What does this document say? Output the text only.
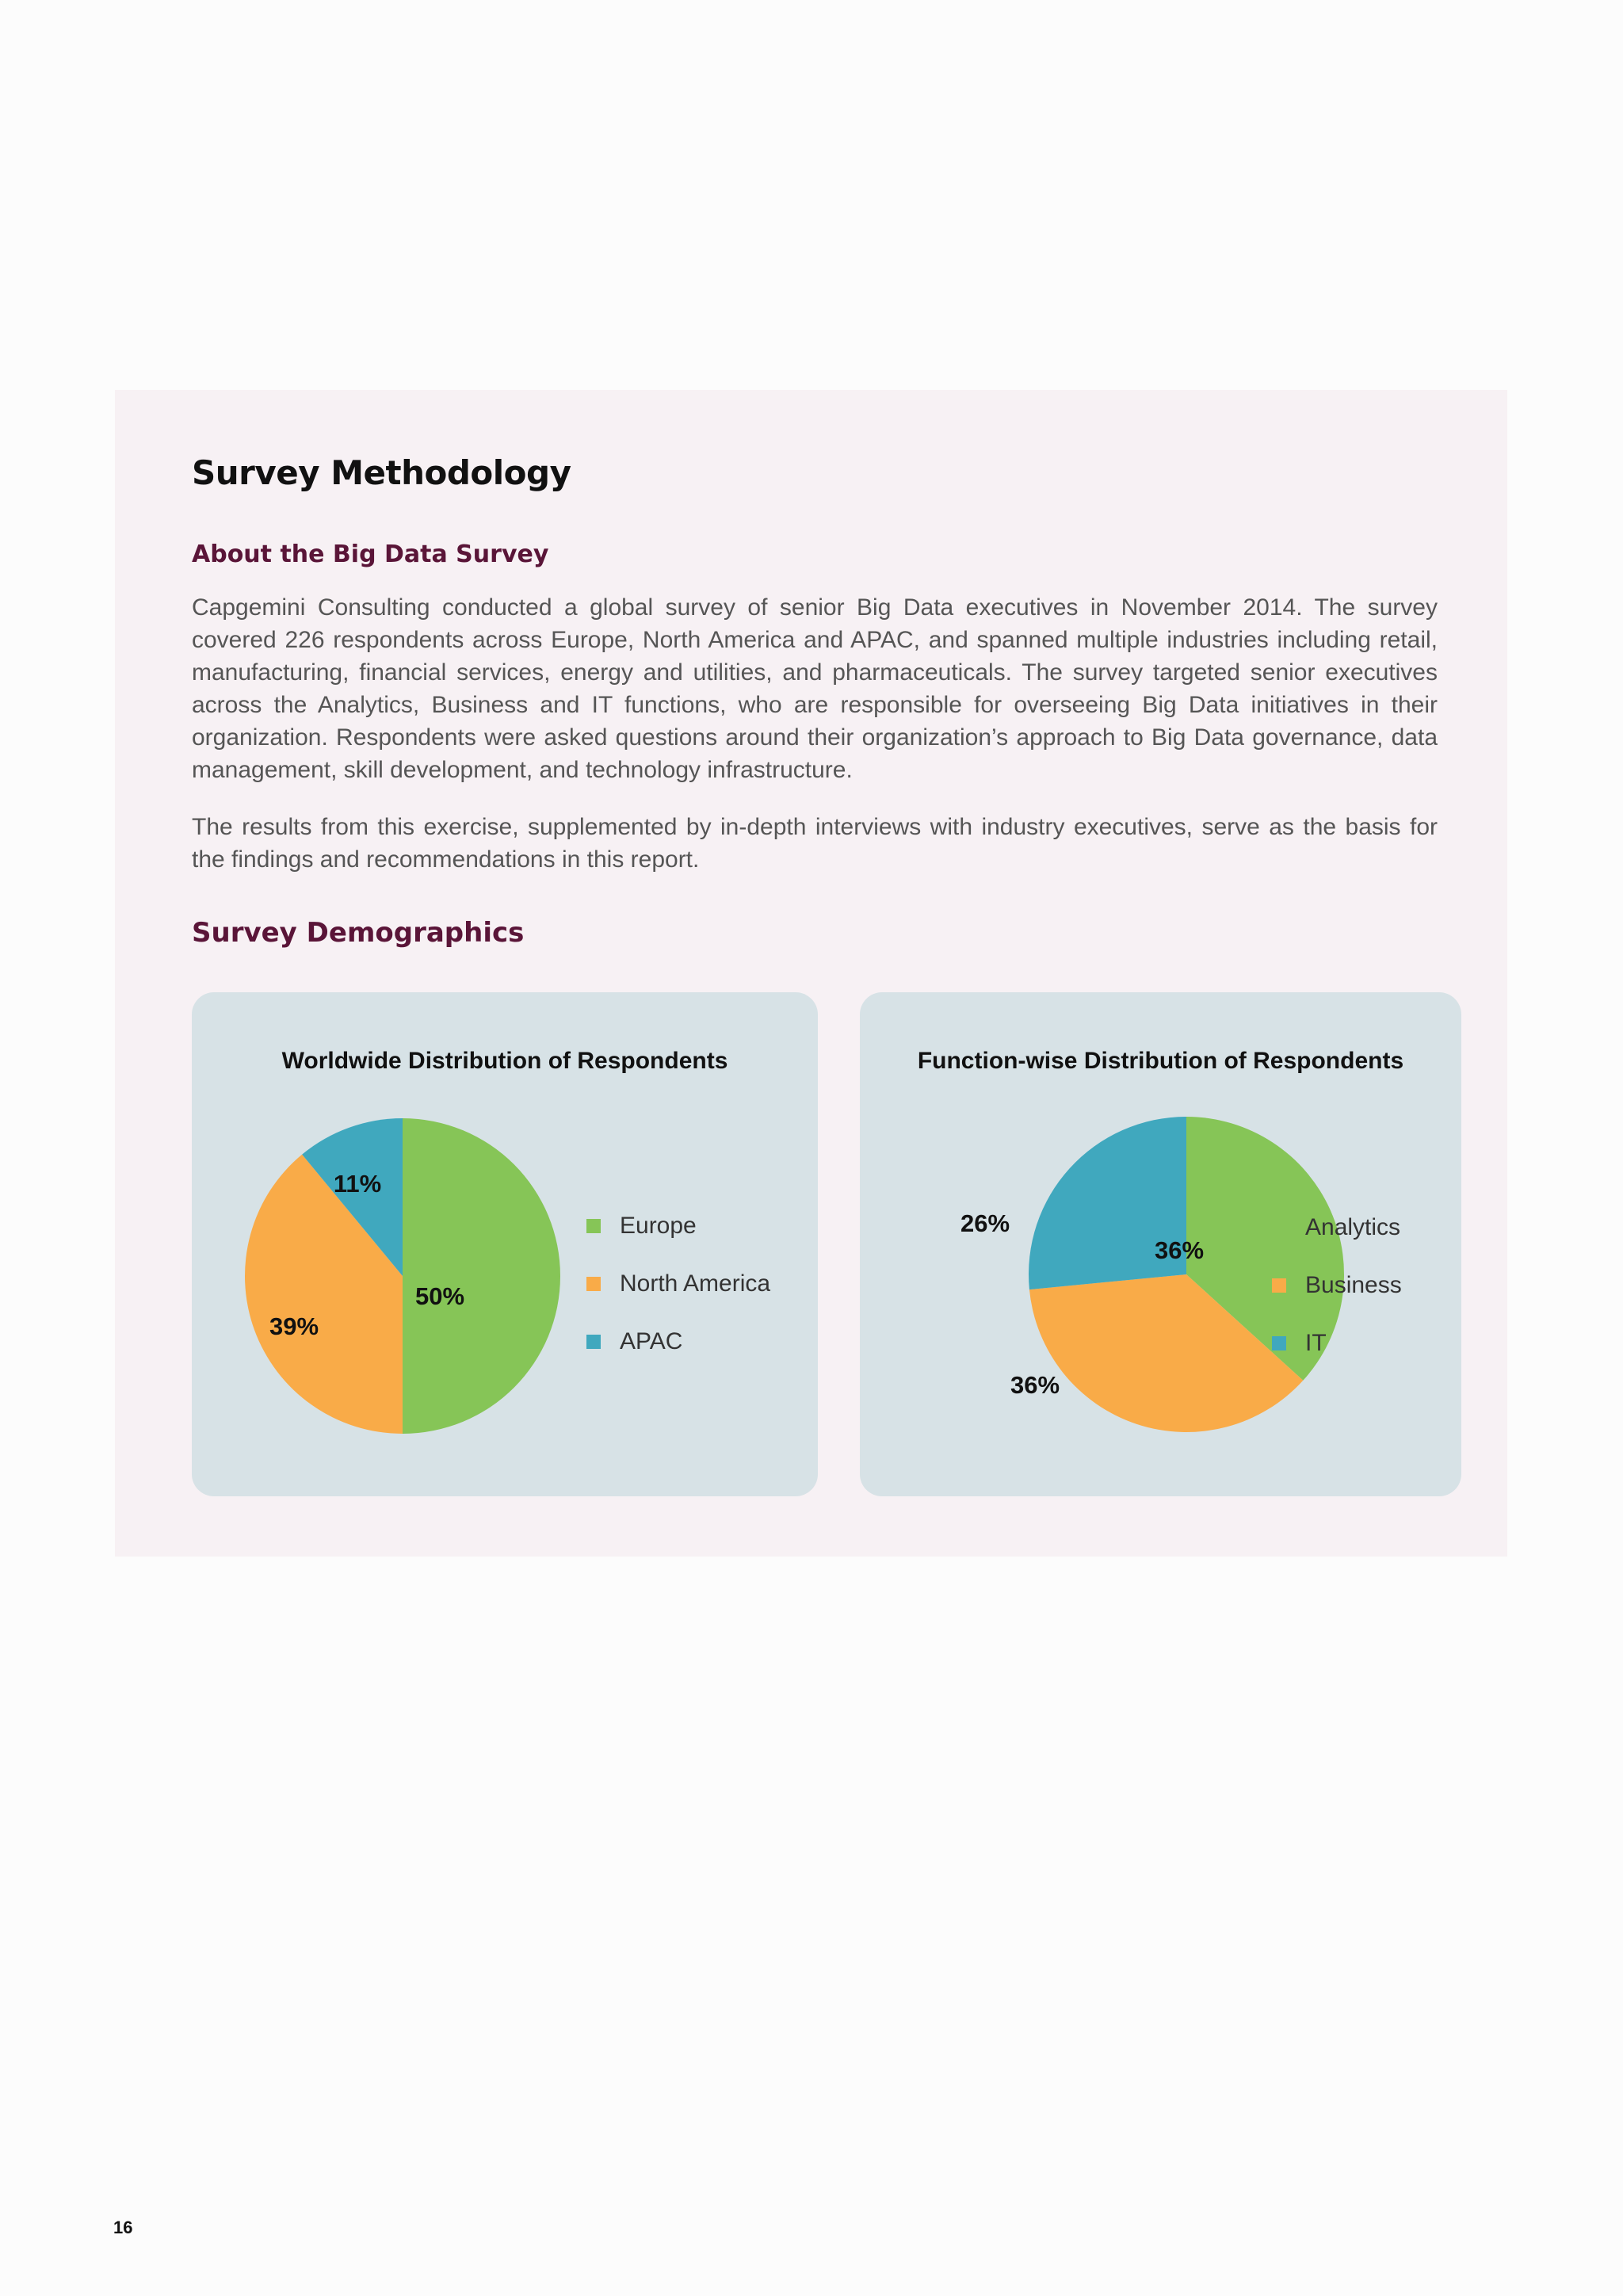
Survey Methodology
About the Big Data Survey

Capgemini Consulting conducted a global survey of senior Big Data executives in November 2014. The survey covered 226 respondents across Europe, North America and APAC, and spanned multiple industries including retail, manufacturing, financial services, energy and utilities, and pharmaceuticals. The survey targeted senior executives across the Analytics, Business and IT functions, who are responsible for overseeing Big Data initiatives in their organization. Respondents were asked questions around their organization’s approach to Big Data governance, data management, skill development, and technology infrastructure.

The results from this exercise, supplemented by in-depth interviews with industry executives, serve as the basis for the findings and recommendations in this report.

Survey Demographics
Worldwide Distribution of Respondents
50%
39%
11%
Europe
North America
APAC
Function-wise Distribution of Respondents
36%
36%
26%	Analytics
Business
IT
16
